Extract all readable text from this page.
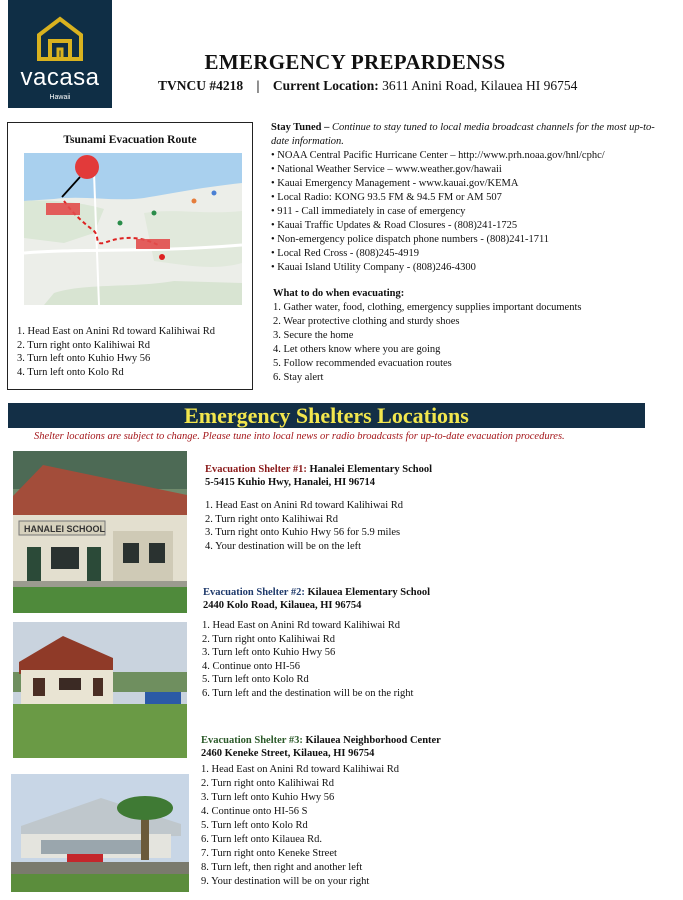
vacasa
Hawaii
EMERGENCY PREPARDENSS
TVNCU #4218 | Current Location: 3611 Anini Road, Kilauea HI 96754
Tsunami Evacuation Route
1. Head East on Anini Rd toward Kalihiwai Rd
2. Turn right onto Kalihiwai Rd
3. Turn left onto Kuhio Hwy 56
4. Turn left onto Kolo Rd
Stay Tuned – Continue to stay tuned to local media broadcast channels for the most up-to-date information.
• NOAA Central Pacific Hurricane Center – http://www.prh.noaa.gov/hnl/cphc/
• National Weather Service – www.weather.gov/hawaii
• Kauai Emergency Management - www.kauai.gov/KEMA
• Local Radio: KONG 93.5 FM & 94.5 FM or AM 507
• 911 - Call immediately in case of emergency
• Kauai Traffic Updates & Road Closures - (808)241-1725
• Non-emergency police dispatch phone numbers - (808)241-1711
• Local Red Cross - (808)245-4919
• Kauai Island Utility Company - (808)246-4300
What to do when evacuating:
1. Gather water, food, clothing, emergency supplies important documents
2. Wear protective clothing and sturdy shoes
3. Secure the home
4. Let others know where you are going
5. Follow recommended evacuation routes
6. Stay alert
Emergency Shelters Locations
Shelter locations are subject to change. Please tune into local news or radio broadcasts for up-to-date evacuation procedures.
HANALEI SCHOOL
Evacuation Shelter #1: Hanalei Elementary School
5-5415 Kuhio Hwy, Hanalei, HI 96714
1. Head East on Anini Rd toward Kalihiwai Rd
2. Turn right onto Kalihiwai Rd
3. Turn right onto Kuhio Hwy 56 for 5.9 miles
4. Your destination will be on the left
Evacuation Shelter #2: Kilauea Elementary School
2440 Kolo Road, Kilauea, HI 96754
1. Head East on Anini Rd toward Kalihiwai Rd
2. Turn right onto Kalihiwai Rd
3. Turn left onto Kuhio Hwy 56
4. Continue onto HI-56
5. Turn left onto Kolo Rd
6. Turn left and the destination will be on the right
Evacuation Shelter #3: Kilauea Neighborhood Center
2460 Keneke Street, Kilauea, HI 96754
1. Head East on Anini Rd toward Kalihiwai Rd
2. Turn right onto Kalihiwai Rd
3. Turn left onto Kuhio Hwy 56
4. Continue onto HI-56 S
5. Turn left onto Kolo Rd
6. Turn left onto Kilauea Rd.
7. Turn right onto Keneke Street
8. Turn left, then right and another left
9. Your destination will be on your right
